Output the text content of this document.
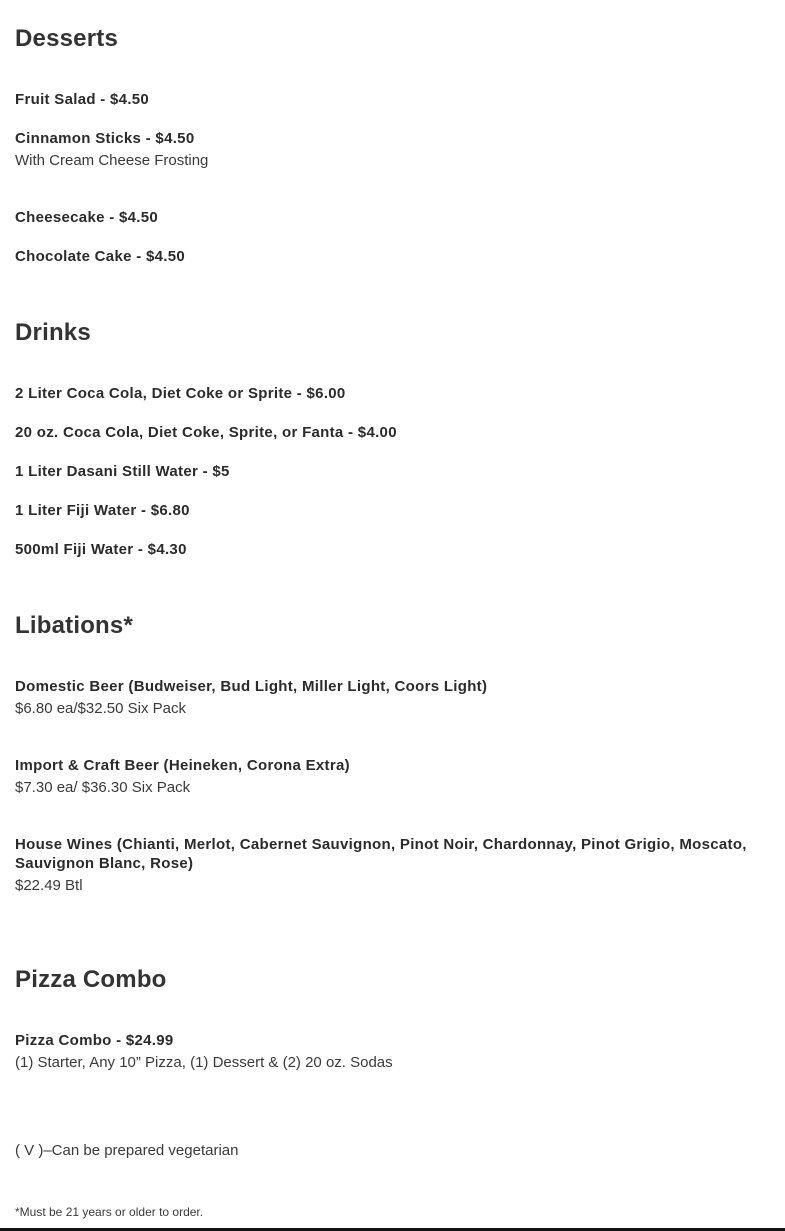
Desserts

Fruit Salad - $4.50

Cinnamon Sticks - $4.50

With Cream Cheese Frosting

Cheesecake - $4.50

Chocolate Cake - $4.50

Drinks

2 Liter Coca Cola, Diet Coke or Sprite - $6.00

20 oz. Coca Cola, Diet Coke, Sprite, or Fanta - $4.00

1 Liter Dasani Still Water - $5

1 Liter Fiji Water - $6.80

500ml Fiji Water - $4.30

Libations*

Domestic Beer (Budweiser, Bud Light, Miller Light, Coors Light)

$6.80 ea/$32.50 Six Pack

Import & Craft Beer (Heineken, Corona Extra)

$7.30 ea/ $36.30 Six Pack

House Wines (Chianti, Merlot, Cabernet Sauvignon, Pinot Noir, Chardonnay, Pinot Grigio, Moscato, Sauvignon Blanc, Rose)

$22.49 Btl

Pizza Combo

Pizza Combo - $24.99

(1) Starter, Any 10” Pizza, (1) Dessert & (2) 20 oz. Sodas

( V )–Can be prepared vegetarian

*Must be 21 years or older to order.
